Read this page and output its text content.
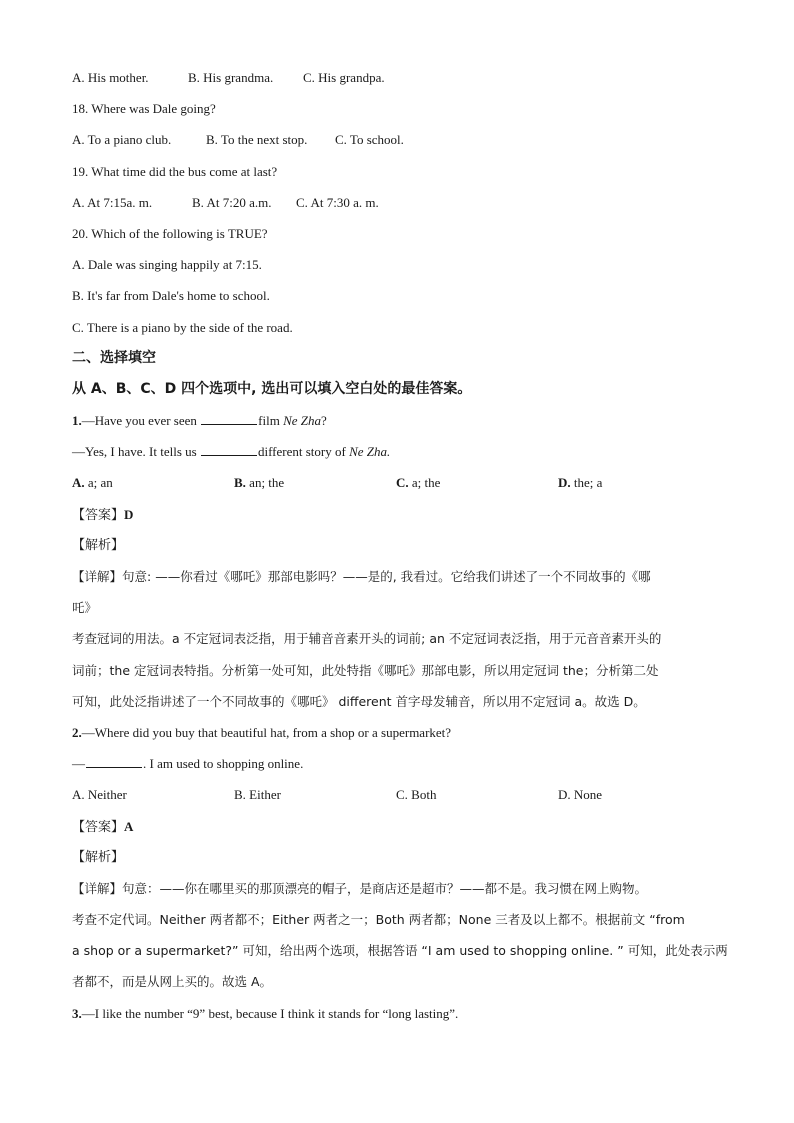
A. His mother.	B. His grandma. C. His grandpa.
18. Where was Dale going?
A. To a piano club.	B. To the next stop. C. To school.
19. What time did the bus come at last?
A. At 7:15a. m.	B. At 7:20 a.m. C. At 7:30 a. m.
20. Which of the following is TRUE?
A. Dale was singing happily at 7:15.
B. It's far from Dale's home to school.
C. There is a piano by the side of the road.
二、选择填空
从 A、B、C、D 四个选项中, 选出可以填入空白处的最佳答案。
1.—Have you ever seen	film Ne Zha?
—Yes, I have. It tells us	different story of Ne Zha.
A. a; an	B. an; the	C. a; the	D. the; a
【答案】D
【解析】
【详解】句意: ——你看过《哪吒》那部电影吗？——是的, 我看过。它给我们讲述了一个不同故事的《哪
吒》
考查冠词的用法。a 不定冠词表泛指，用于辅音音素开头的词前; an 不定冠词表泛指，用于元音音素开头的
词前；the 定冠词表特指。分析第一处可知，此处特指《哪吒》那部电影，所以用定冠词 the；分析第二处
可知，此处泛指讲述了一个不同故事的《哪吒》 different 首字母发辅音，所以用不定冠词 a。故选 D。
2.—Where did you buy that beautiful hat, from a shop or a supermarket?
—	. I am used to shopping online.
A. Neither	B. Either	C. Both	D. None
【答案】A
【解析】
【详解】句意：——你在哪里买的那顶漂亮的帽子，是商店还是超市？——都不是。我习惯在网上购物。
考查不定代词。Neither 两者都不；Either 两者之一；Both 两者都；None 三者及以上都不。根据前文 “from
a shop or a supermarket?” 可知，给出两个选项，根据答语 “I am used to shopping online. ” 可知，此处表示两
者都不，而是从网上买的。故选 A。
3.—I like the number “9” best, because I think it stands for “long lasting”.
